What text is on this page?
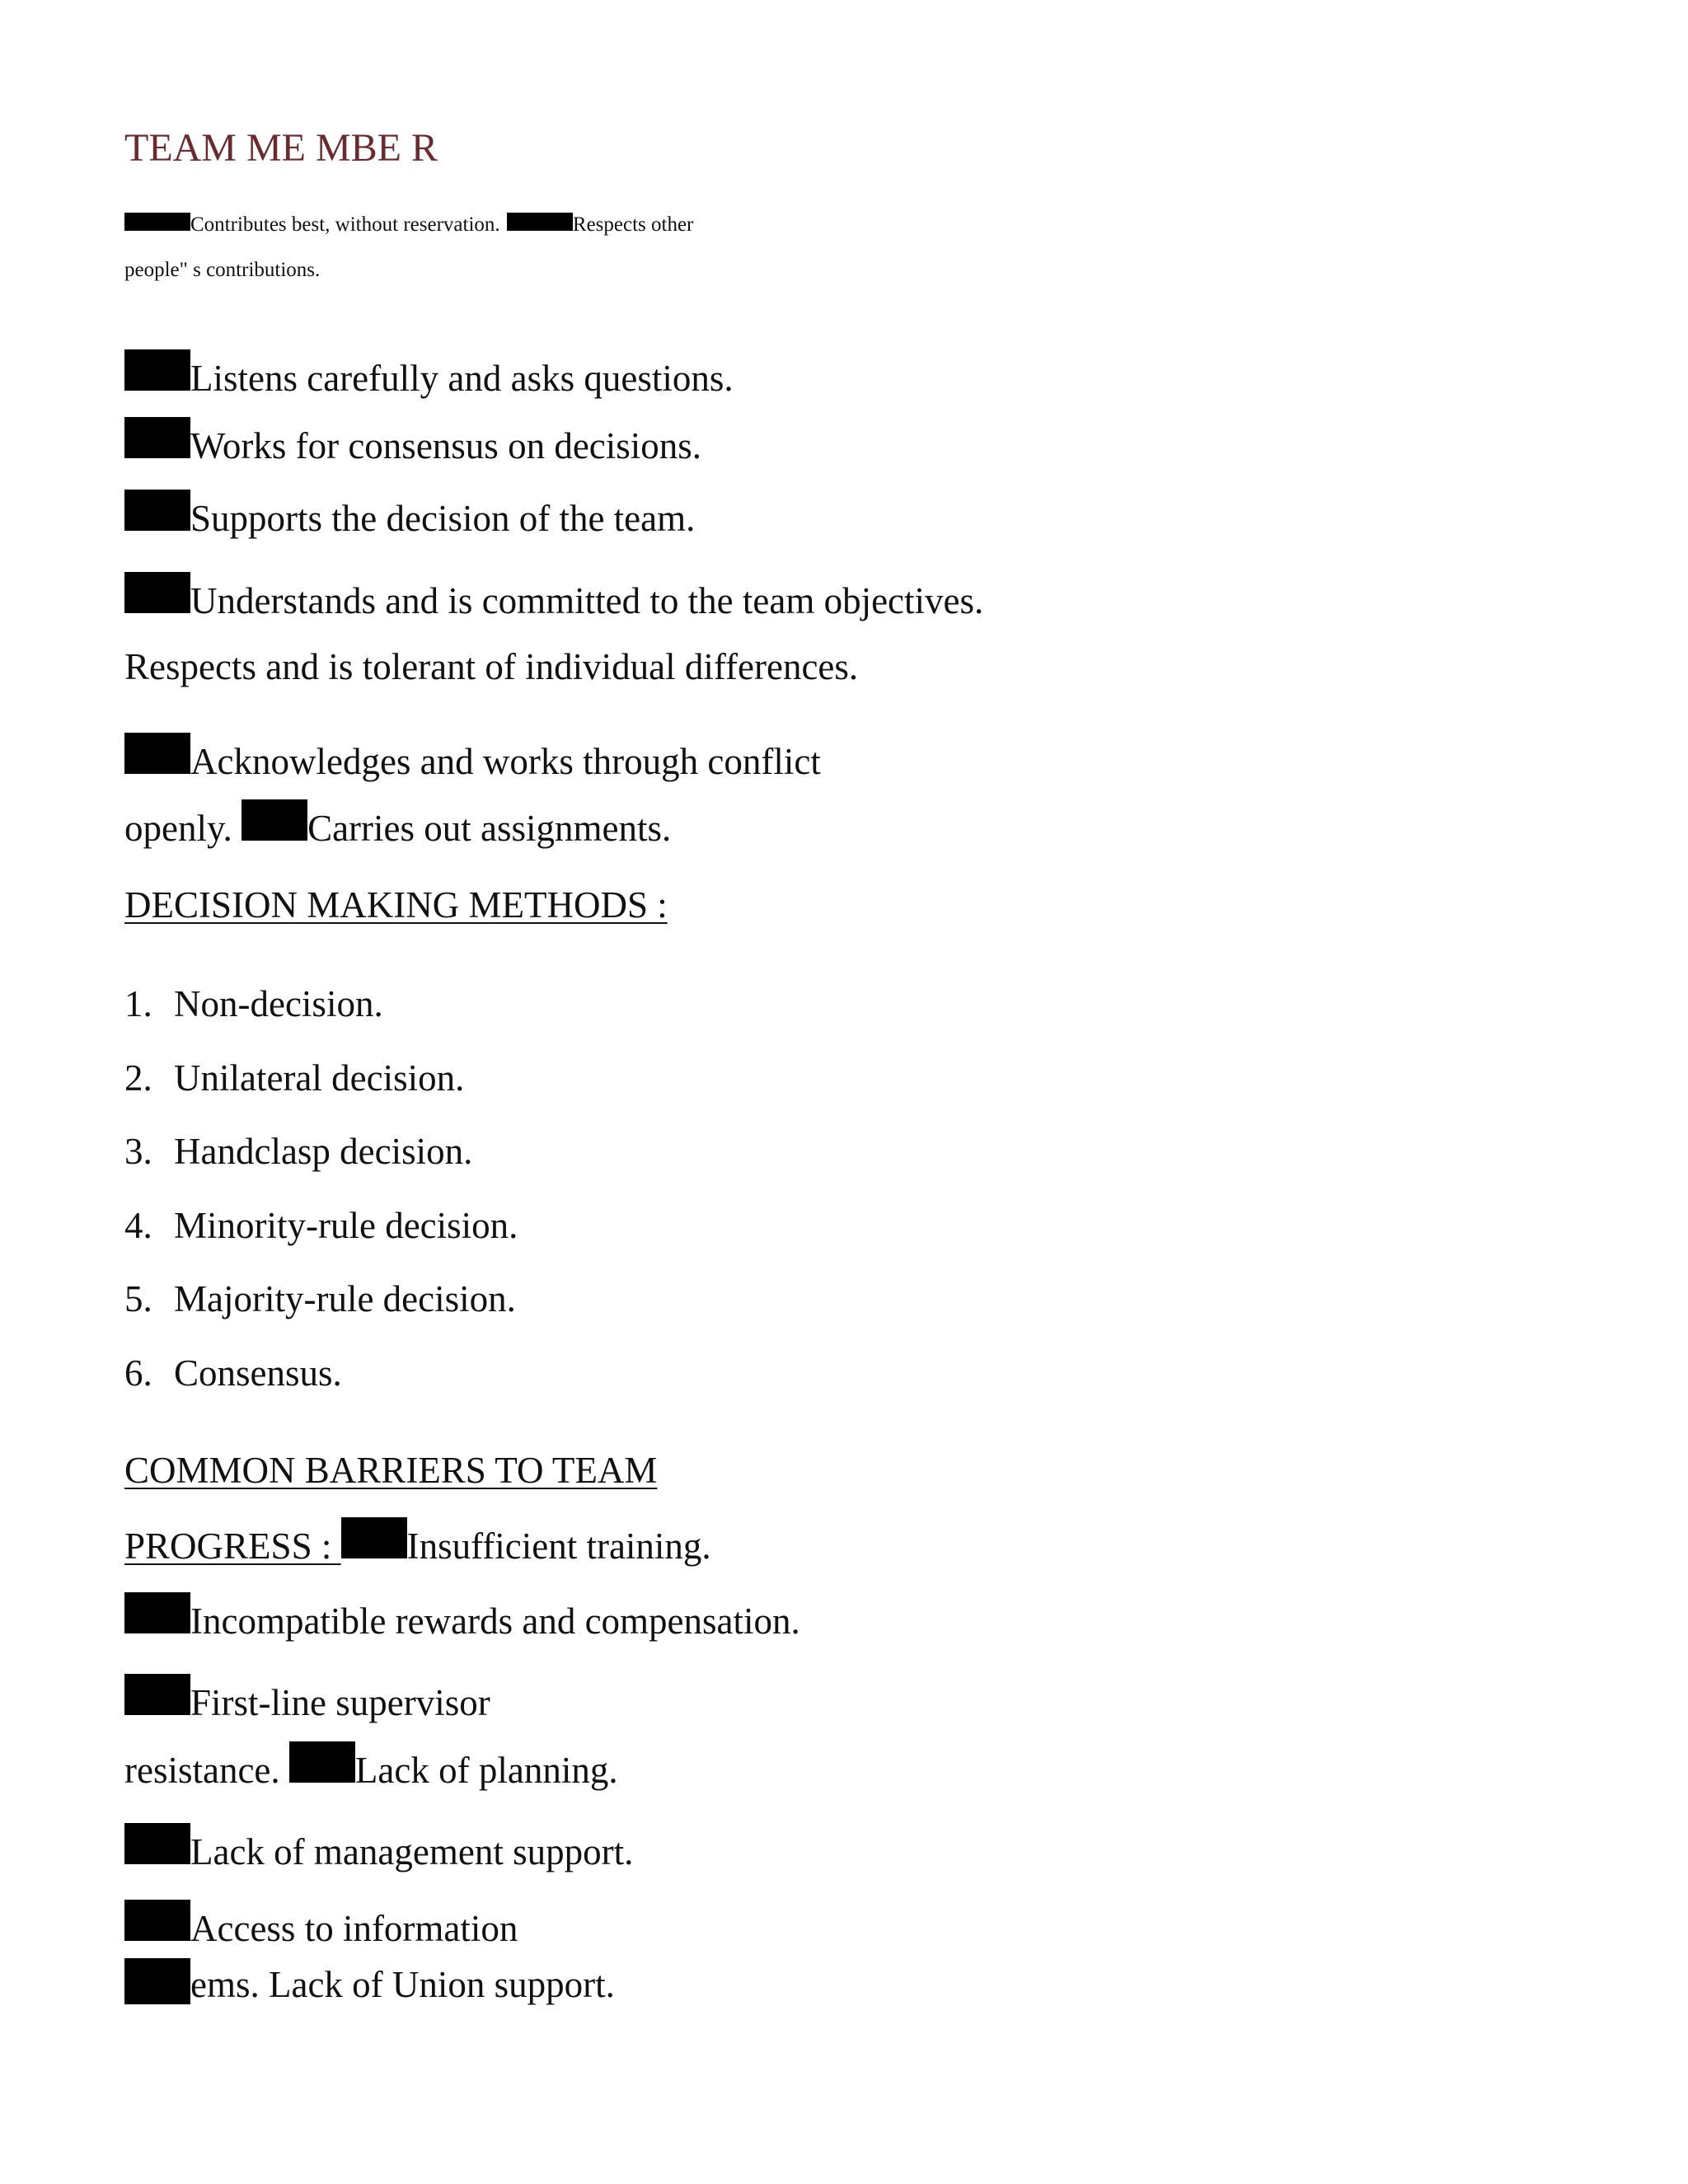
TEAM ME MBE R
Contributes best, without reservation.	Respects other
people" s contributions.
Listens carefully and asks questions.
Works for consensus on decisions.
Supports the decision of the team.
Understands and is committed to the team objectives.
Respects and is tolerant of individual differences.
Acknowledges and works through conflict
openly. Carries out assignments.
DECISION MAKING METHODS :
1. Non-decision.
2. Unilateral decision.
3. Handclasp decision.
4. Minority-rule decision.
5. Majority-rule decision.
6. Consensus.
COMMON BARRIERS TO TEAM
PROGRESS : Insufficient training.
Incompatible rewards and compensation.
First-line supervisor
resistance. Lack of planning.
Lack of management support.
Access to information
ems. Lack of Union support.
